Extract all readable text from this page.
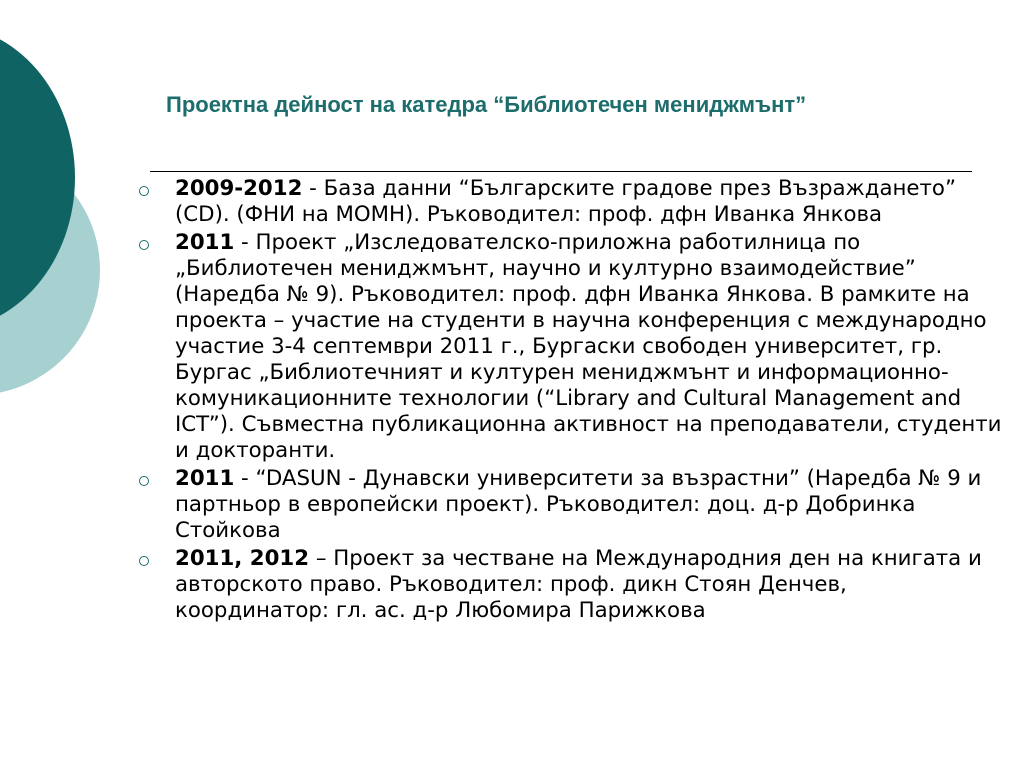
Проектна дейност на катедра “Библиотечен мениджмънт”
2009-2012 - База данни “Българските градове през Възраждането” (CD). (ФНИ на МОМН). Ръководител: проф. дфн Иванка Янкова
2011 - Проект „Изследователско-приложна работилница по „Библиотечен мениджмънт, научно и културно взаимодействие” (Наредба № 9). Ръководител: проф. дфн Иванка Янкова. В рамките на проекта – участие на студенти в научна конференция с международно участие 3-4 септември 2011 г., Бургаски свободен университет, гр. Бургас „Библиотечният и културен мениджмънт и информационно-комуникационните технологии (“Library and Cultural Management and ICT”). Съвместна публикационна активност на преподаватели, студенти и докторанти.
2011 - “DASUN - Дунавски университети за възрастни” (Наредба № 9 и партньор в европейски проект). Ръководител: доц. д-р Добринка Стойкова
2011, 2012 – Проект за честване на Международния ден на книгата и авторското право. Ръководител: проф. дикн Стоян Денчев, координатор: гл. ас. д-р Любомира Парижкова
